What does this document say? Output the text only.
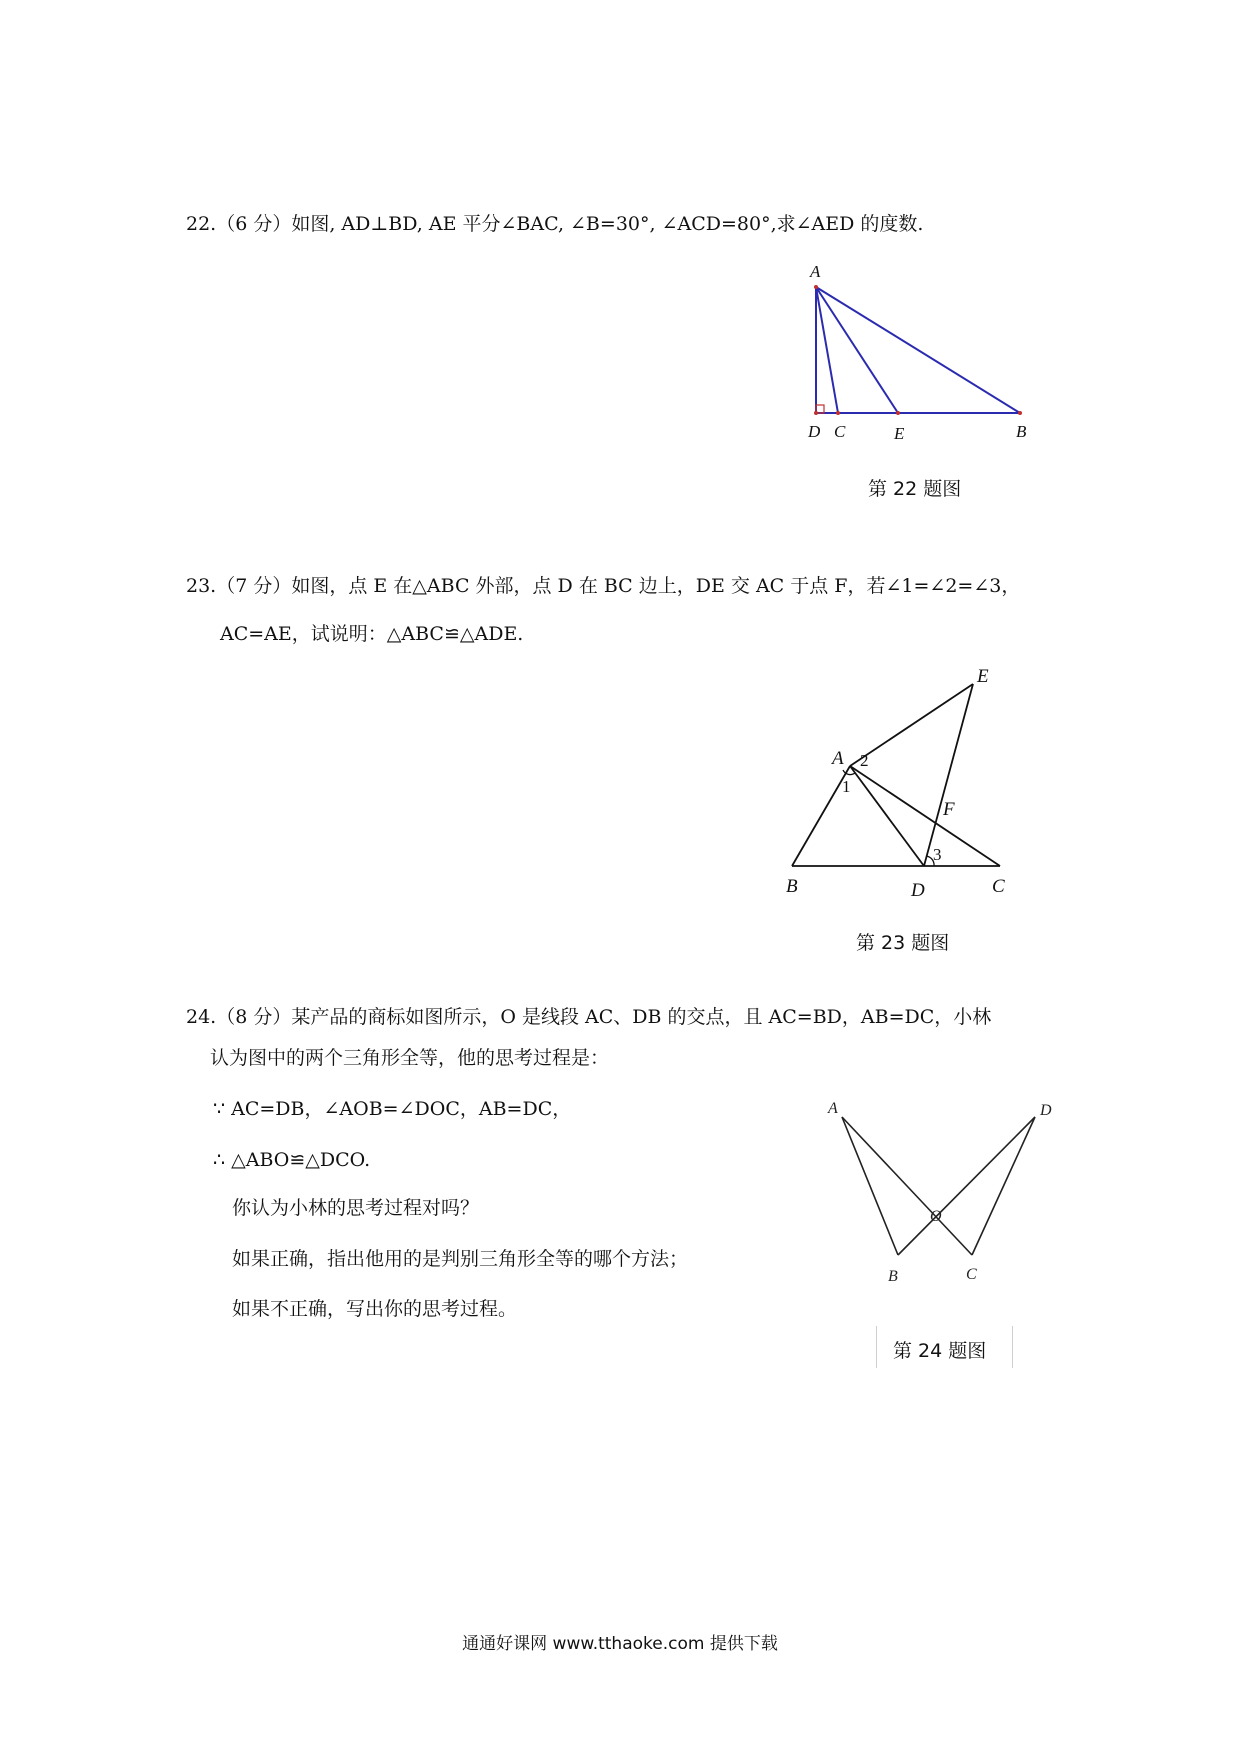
22.（6 分）如图, AD⊥BD, AE 平分∠BAC, ∠B=30°, ∠ACD=80°,求∠AED 的度数.
A
D C	E	B
第 22 题图
23.（7 分）如图，点 E 在△ABC 外部，点 D 在 BC 边上，DE 交 AC 于点 F，若∠1=∠2=∠3，
AC=AE，试说明：△ABC≌△ADE.
A
E
F
B	D	C
1
2
3
第 23 题图
24.（8 分）某产品的商标如图所示，O 是线段 AC、DB 的交点，且 AC=BD，AB=DC，小林
认为图中的两个三角形全等，他的思考过程是：
∵ AC=DB，∠AOB=∠DOC，AB=DC，
∴ △ABO≌△DCO.
你认为小林的思考过程对吗？
如果正确，指出他用的是判别三角形全等的哪个方法；
如果不正确，写出你的思考过程。
A	D
O
B	C
第 24 题图
通通好课网 www.tthaoke.com 提供下载
